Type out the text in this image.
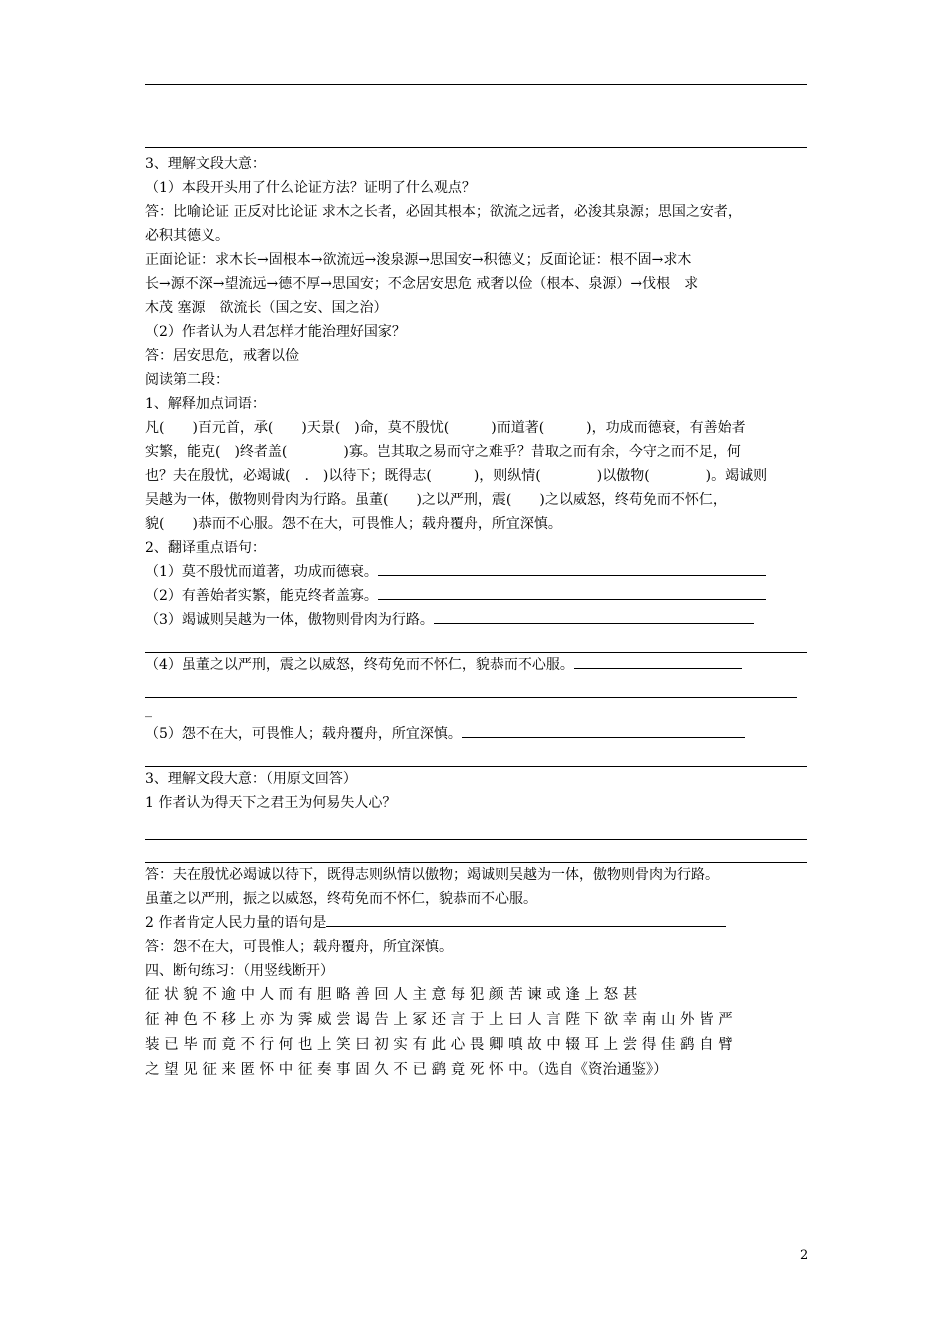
3、理解文段大意：
（1）本段开头用了什么论证方法？证明了什么观点？
答：比喻论证 正反对比论证 求木之长者，必固其根本；欲流之远者，必浚其泉源；思国之安者，
必积其德义。
正面论证：求木长→固根本→欲流远→浚泉源→思国安→积德义；反面论证：根不固→求木
长→源不深→望流远→德不厚→思国安；不念居安思危 戒奢以俭（根本、泉源）→伐根　求
木茂 塞源　欲流长（国之安、国之治）
（2）作者认为人君怎样才能治理好国家？
答：居安思危，戒奢以俭
阅读第二段：
1、解释加点词语：
凡(　　)百元首，承(　　)天景(　)命，莫不殷忧(　　　)而道著(　　　)，功成而德衰，有善始者
实繁，能克(　)终者盖(　　　　)寡。岂其取之易而守之难乎？昔取之而有余，今守之而不足，何
也？夫在殷忧，必竭诚(　.　)以待下；既得志(　　　)，则纵情(　　　　)以傲物(　　　　)。竭诚则
吴越为一体，傲物则骨肉为行路。虽董(　　)之以严刑，震(　　)之以威怒，终苟免而不怀仁，
貌(　　)恭而不心服。怨不在大，可畏惟人；载舟覆舟，所宜深慎。
2、翻译重点语句：
（1）莫不殷忧而道著，功成而德衰。
（2）有善始者实繁，能克终者盖寡。
（3）竭诚则吴越为一体，傲物则骨肉为行路。
（4）虽董之以严刑，震之以威怒，终苟免而不怀仁，貌恭而不心服。
_
（5）怨不在大，可畏惟人；载舟覆舟，所宜深慎。
3、理解文段大意：（用原文回答）
1 作者认为得天下之君王为何易失人心？
答：夫在殷忧必竭诚以待下，既得志则纵情以傲物；竭诚则吴越为一体，傲物则骨肉为行路。
虽董之以严刑，振之以威怒，终苟免而不怀仁，貌恭而不心服。
2 作者肯定人民力量的语句是
答：怨不在大，可畏惟人；载舟覆舟，所宜深慎。
四、断句练习：（用竖线断开）
征 状 貌 不 逾 中 人 而 有 胆 略 善 回 人 主 意 每 犯 颜 苦 谏 或 逢 上 怒 甚
征 神 色 不 移 上 亦 为 霁 威 尝 谒 告 上 冢 还 言 于 上 曰 人 言 陛 下 欲 幸 南 山 外 皆 严
装 已 毕 而 竟 不 行 何 也 上 笑 曰 初 实 有 此 心 畏 卿 嗔 故 中 辍 耳 上 尝 得 佳 鹞 自 臂
之 望 见 征 来 匿 怀 中 征 奏 事 固 久 不 已 鹞 竟 死 怀 中。（选自《资治通鉴》）
2
